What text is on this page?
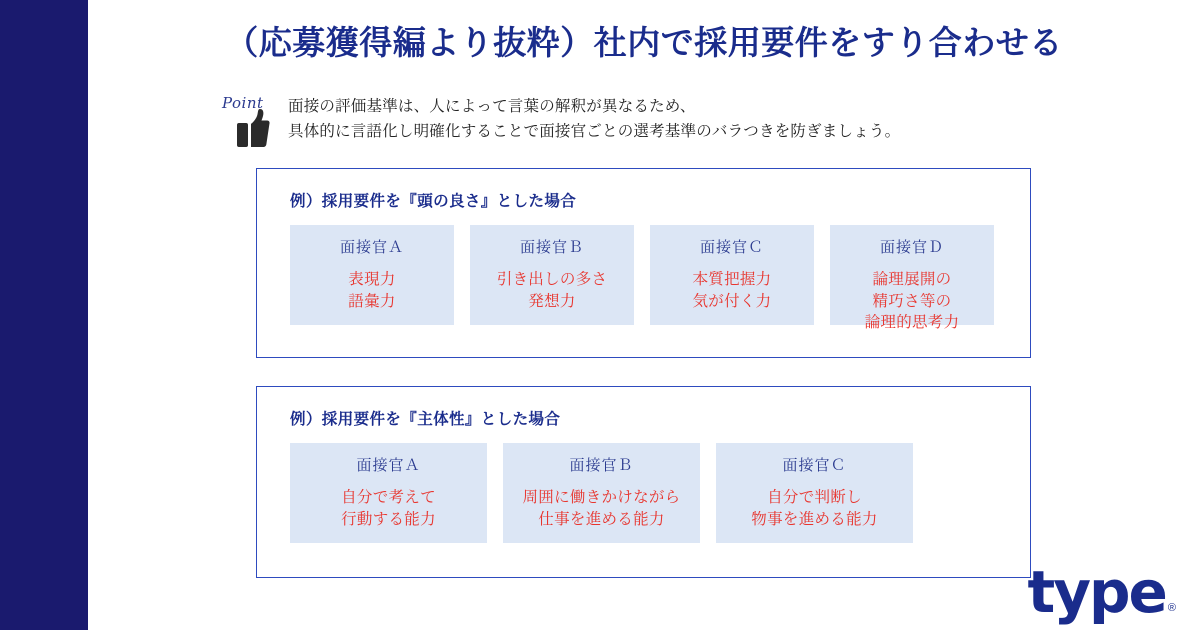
（応募獲得編より抜粋）社内で採用要件をすり合わせる
Point 面接の評価基準は、人によって言葉の解釈が異なるため、
具体的に言語化し明確化することで面接官ごとの選考基準のバラつきを防ぎましょう。
例）採用要件を『頭の良さ』とした場合
面接官Ａ
表現力
語彙力
面接官Ｂ
引き出しの多さ
発想力
面接官Ｃ
本質把握力
気が付く力
面接官Ｄ
論理展開の
精巧さ等の
論理的思考力
例）採用要件を『主体性』とした場合
面接官Ａ
自分で考えて
行動する能力
面接官Ｂ
周囲に働きかけながら
仕事を進める能力
面接官Ｃ
自分で判断し
物事を進める能力
type ®
